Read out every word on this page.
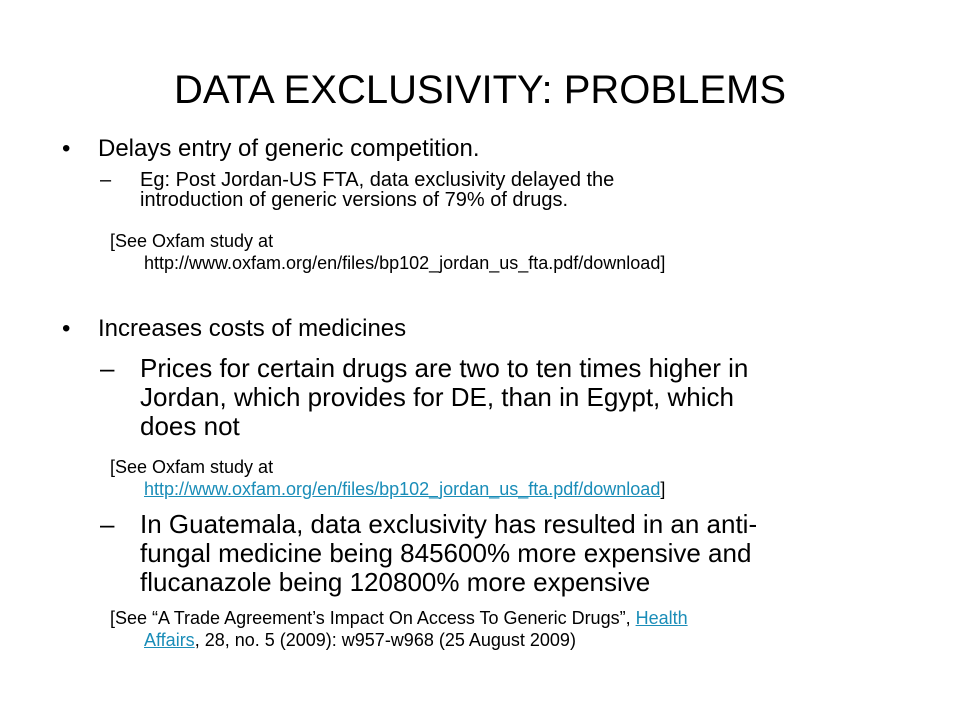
DATA EXCLUSIVITY: PROBLEMS
• Delays entry of generic competition.
– Eg: Post Jordan-US FTA, data exclusivity delayed the
introduction of generic versions of 79% of drugs.
[See Oxfam study at
http://www.oxfam.org/en/files/bp102_jordan_us_fta.pdf/download]
• Increases costs of medicines
– Prices for certain drugs are two to ten times higher in
Jordan, which provides for DE, than in Egypt, which
does not
[See Oxfam study at
http://www.oxfam.org/en/files/bp102_jordan_us_fta.pdf/download]
– In Guatemala, data exclusivity has resulted in an anti-
fungal medicine being 845600% more expensive and
flucanazole being 120800% more expensive
[See “A Trade Agreement’s Impact On Access To Generic Drugs”, Health
Affairs, 28, no. 5 (2009): w957-w968 (25 August 2009)
